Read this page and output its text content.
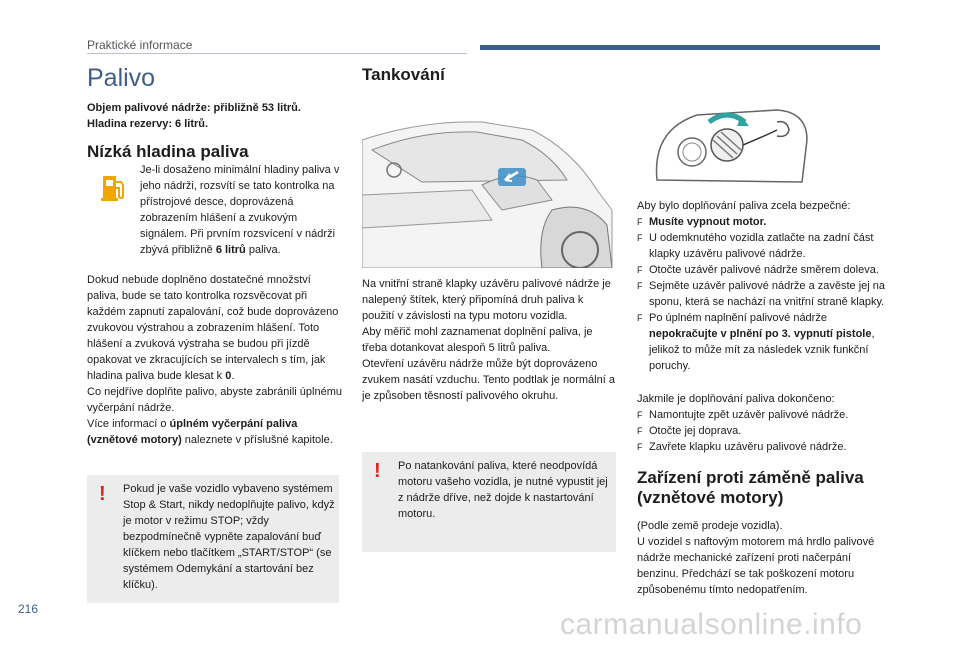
Praktické informace
Palivo

Objem palivové nádrže: přibližně 53 litrů.

Hladina rezervy: 6 litrů.

Nízká hladina paliva

Je-li dosaženo minimální hladiny paliva v jeho nádrži, rozsvítí se tato kontrolka na přístrojové desce, doprovázená zobrazením hlášení a zvukovým signálem. Při prvním rozsvícení v nádrži zbývá přibližně 6 litrů paliva.

Dokud nebude doplněno dostatečné množství paliva, bude se tato kontrolka rozsvěcovat při každém zapnutí zapalování, což bude doprovázeno zvukovou výstrahou a zobrazením hlášení. Toto hlášení a zvuková výstraha se budou při jízdě opakovat ve zkracujících se intervalech s tím, jak hladina paliva bude klesat k 0.

Co nejdříve doplňte palivo, abyste zabránili úplnému vyčerpání nádrže.

Více informací o úplném vyčerpání paliva (vznětové motory) naleznete v příslušné kapitole.

! Pokud je vaše vozidlo vybaveno systémem Stop & Start, nikdy nedoplňujte palivo, když je motor v režimu STOP; vždy bezpodmínečně vypněte zapalování buď klíčkem nebo tlačítkem „START/STOP“ (se systémem Odemykání a startování bez klíčku).

Tankování

Na vnitřní straně klapky uzávěru palivové nádrže je nalepený štítek, který připomíná druh paliva k použití v závislosti na typu motoru vozidla.

Aby měřič mohl zaznamenat doplnění paliva, je třeba dotankovat alespoň 5 litrů paliva.

Otevření uzávěru nádrže může být doprovázeno zvukem nasátí vzduchu. Tento podtlak je normální a je způsoben těsností palivového okruhu.

! Po natankování paliva, které neodpovídá motoru vašeho vozidla, je nutné vypustit jej z nádrže dříve, než dojde k nastartování motoru.

Aby bylo doplňování paliva zcela bezpečné:

F Musíte vypnout motor.
F U odemknutého vozidla zatlačte na zadní část klapky uzávěru palivové nádrže.
F Otočte uzávěr palivové nádrže směrem doleva.
F Sejměte uzávěr palivové nádrže a zavěste jej na sponu, která se nachází na vnitřní straně klapky.
F Po úplném naplnění palivové nádrže nepokračujte v plnění po 3. vypnutí pistole, jelikož to může mít za následek vznik funkční poruchy.

Jakmile je doplňování paliva dokončeno:

F Namontujte zpět uzávěr palivové nádrže.
F Otočte jej doprava.
F Zavřete klapku uzávěru palivové nádrže.
Zařízení proti záměně paliva (vznětové motory)

(Podle země prodeje vozidla).

U vozidel s naftovým motorem má hrdlo palivové nádrže mechanické zařízení proti načerpání benzinu. Předchází se tak poškození motoru způsobenému tímto nedopatřením.

216	carmanualsonline.info
